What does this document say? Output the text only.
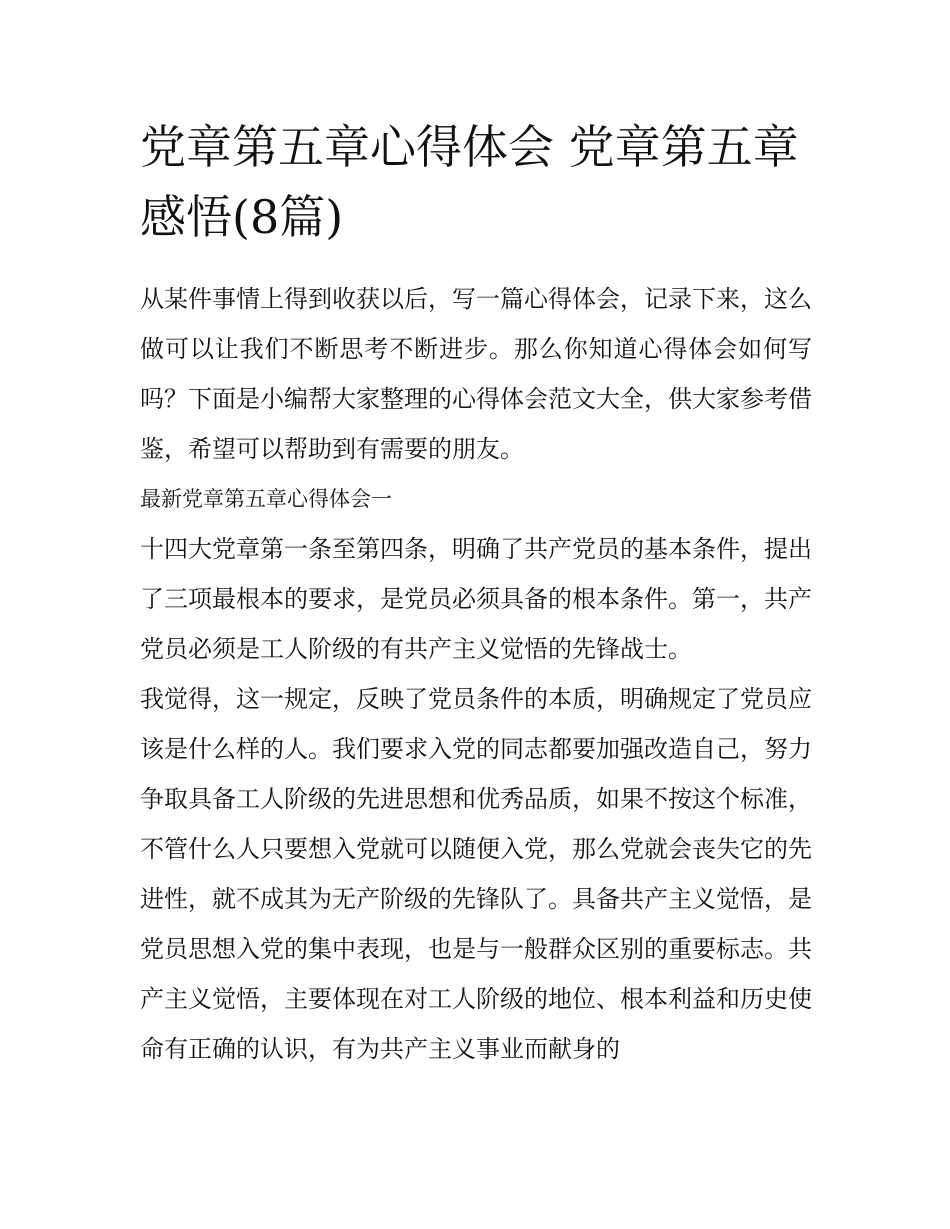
党章第五章心得体会 党章第五章感悟(8篇)

从某件事情上得到收获以后，写一篇心得体会，记录下来，这么做可以让我们不断思考不断进步。那么你知道心得体会如何写吗？下面是小编帮大家整理的心得体会范文大全，供大家参考借鉴，希望可以帮助到有需要的朋友。

最新党章第五章心得体会一

十四大党章第一条至第四条，明确了共产党员的基本条件，提出了三项最根本的要求，是党员必须具备的根本条件。第一，共产党员必须是工人阶级的有共产主义觉悟的先锋战士。

我觉得，这一规定，反映了党员条件的本质，明确规定了党员应该是什么样的人。我们要求入党的同志都要加强改造自己，努力争取具备工人阶级的先进思想和优秀品质，如果不按这个标准，不管什么人只要想入党就可以随便入党，那么党就会丧失它的先进性，就不成其为无产阶级的先锋队了。具备共产主义觉悟，是党员思想入党的集中表现，也是与一般群众区别的重要标志。共产主义觉悟，主要体现在对工人阶级的地位、根本利益和历史使命有正确的认识，有为共产主义事业而献身的
